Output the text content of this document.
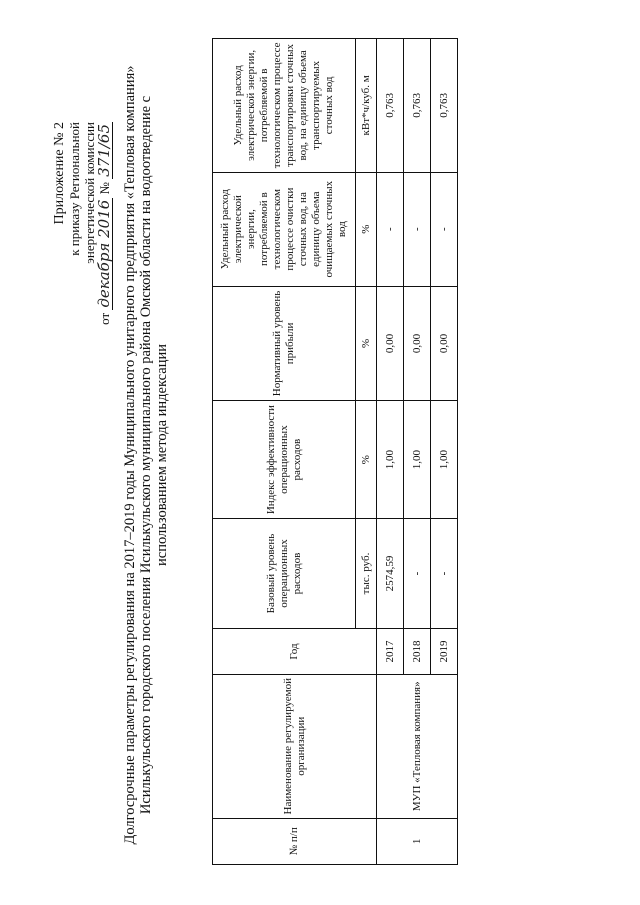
Приложение № 2 к приказу Региональной энергетической комиссии
от декабря 2016 № 371/65 Долгосрочные параметры регулирования на 2017–2019 годы Муниципального унитарного предприятия «Тепловая компания» Исилькульского городского поселения Исилькульского муниципального района Омской области на водоотведение с использованием метода индексации
№ п/п	Наименование регулируемой организации	Год	Базовый уровень операционных расходов	Индекс эффективности операционных расходов	Нормативный уровень прибыли	Удельный расход электрической энергии, потребляемой в технологическом процессе очистки сточных вод, на единицу объема очищаемых сточных вод	Удельный расход электрической энергии, потребляемой в технологическом процессе транспортировки сточных вод, на единицу объема транспортируемых сточных вод
			тыс. руб.	%	%	%	кВт*ч/куб. м
1	МУП «Тепловая компания»	2017	2574,59	1,00	0,00	-	0,763
		2018	-	1,00	0,00	-	0,763
		2019	-	1,00	0,00	-	0,763
